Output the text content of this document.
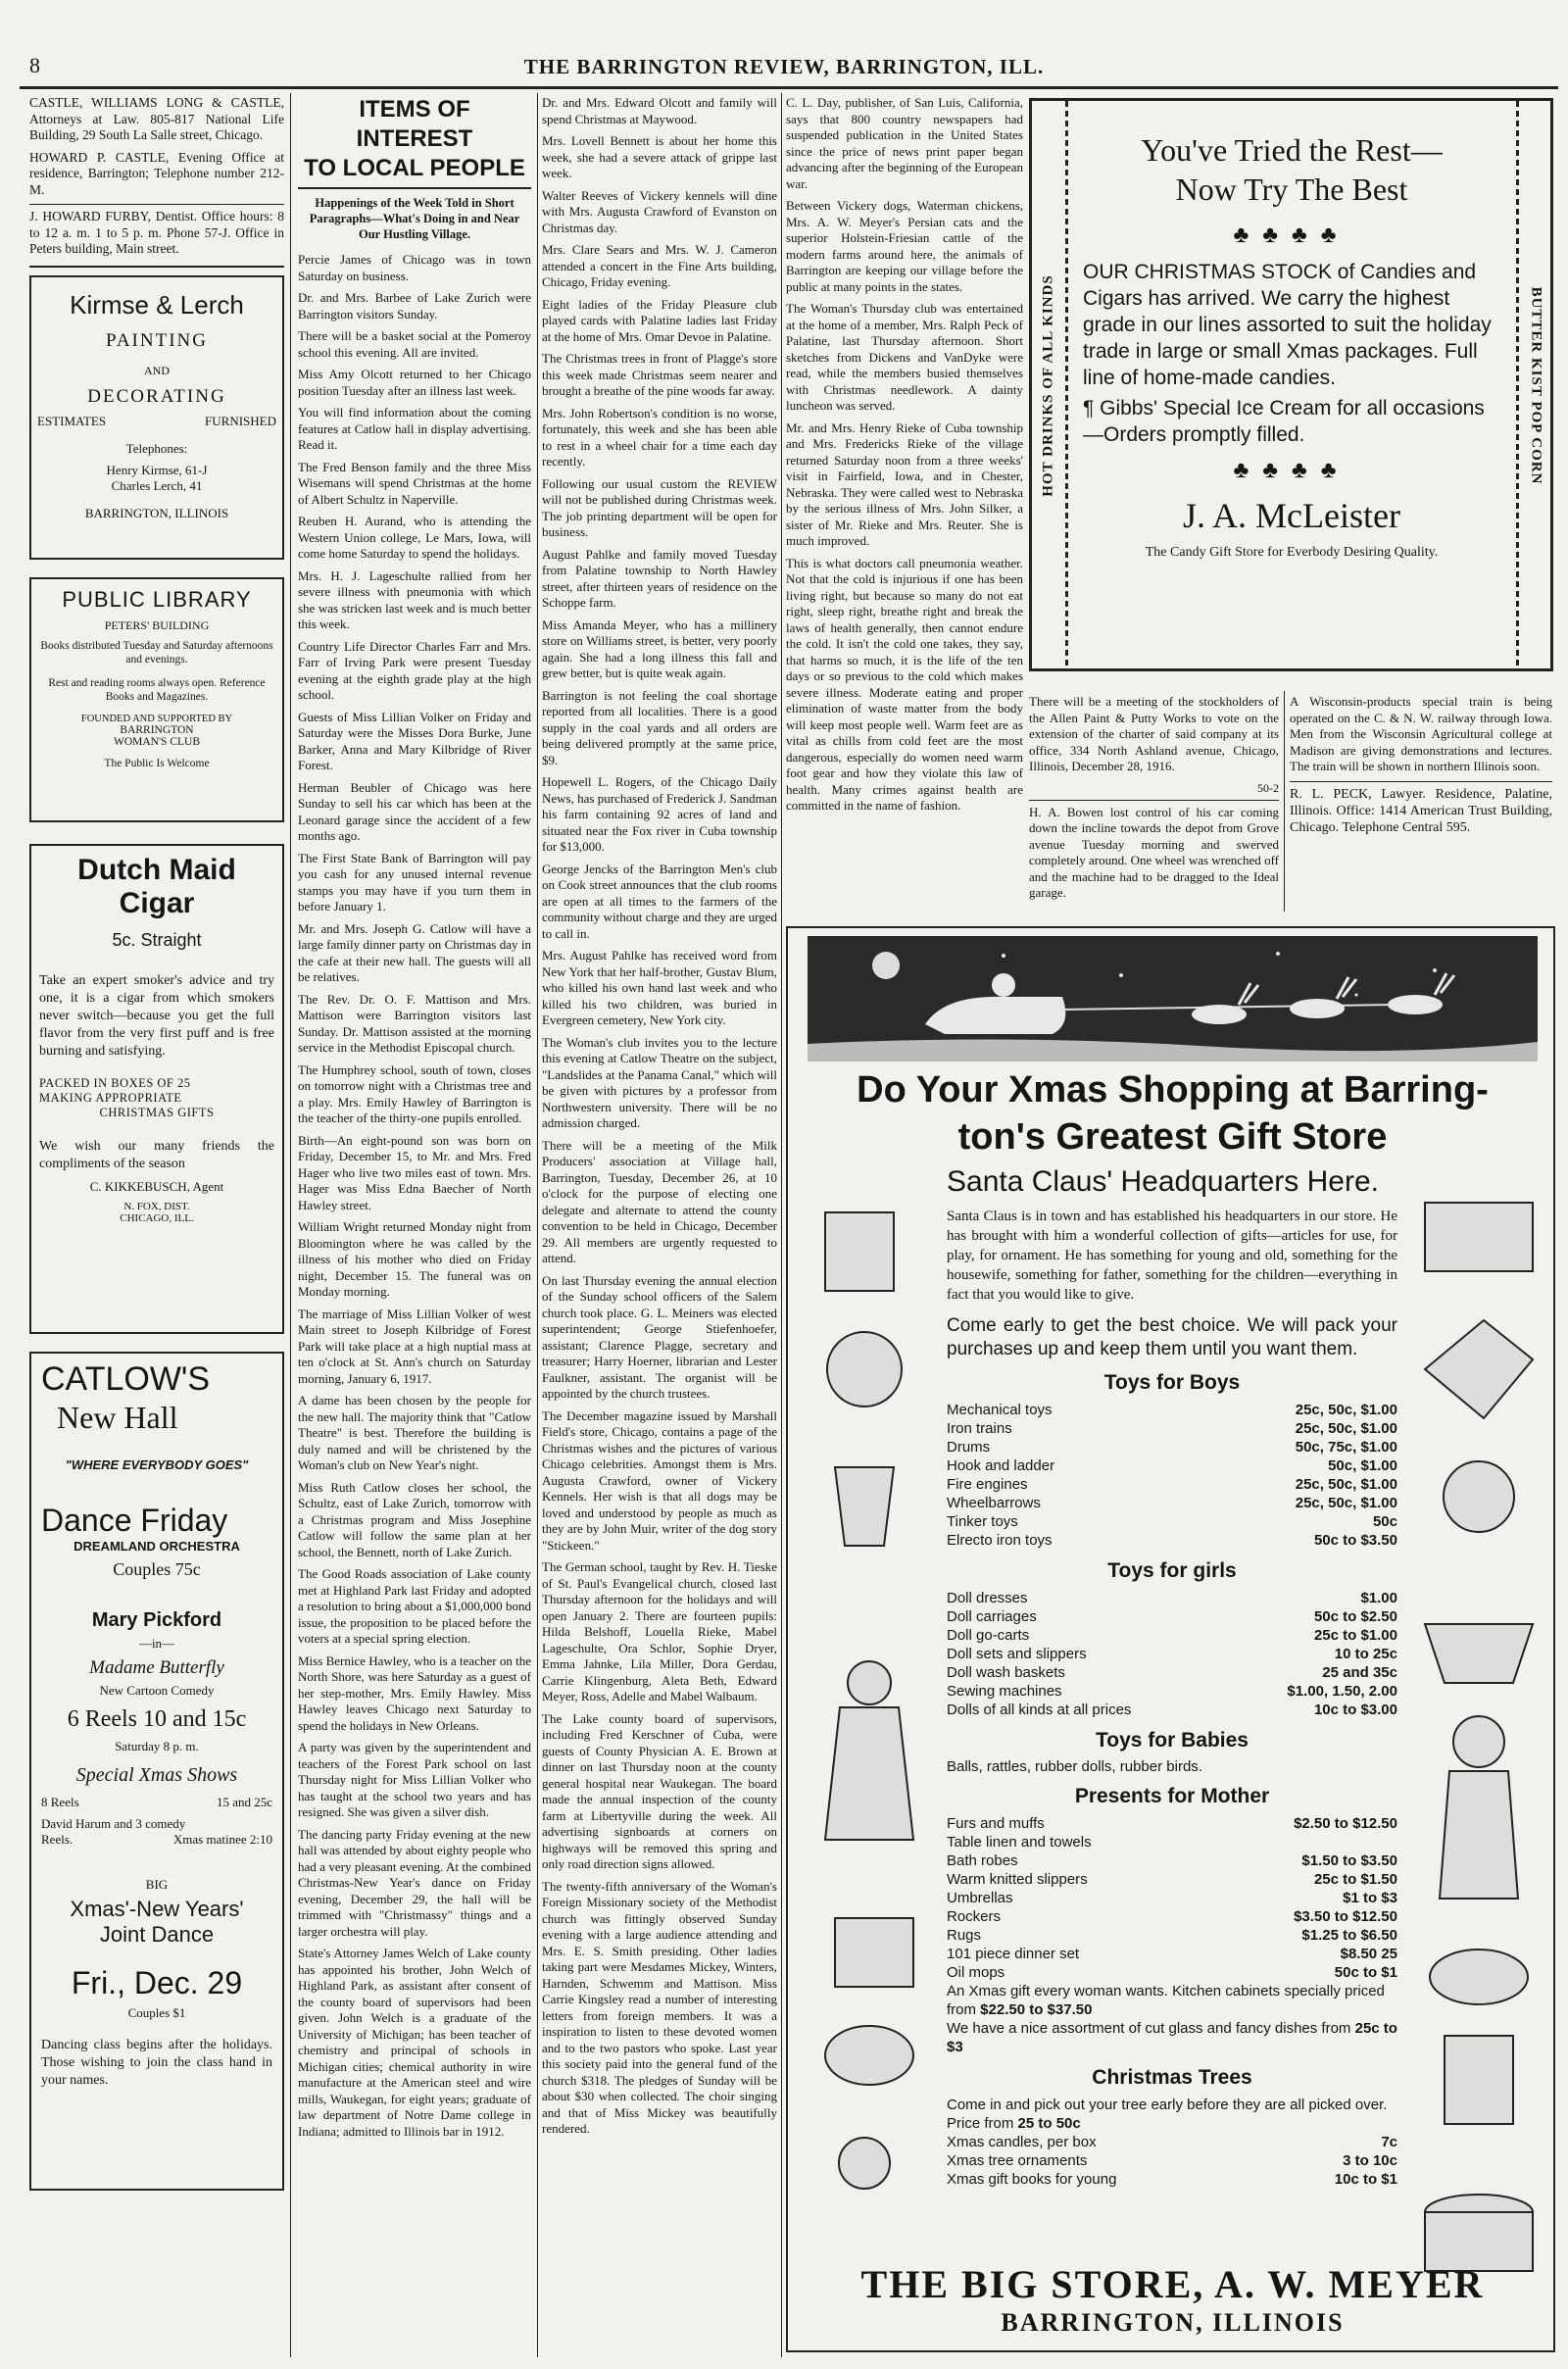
8	THE BARRINGTON REVIEW, BARRINGTON, ILL.

CASTLE, WILLIAMS LONG & CASTLE, Attorneys at Law. 805-817 National Life Building, 29 South La Salle street, Chicago.

HOWARD P. CASTLE, Evening Office at residence, Barrington; Telephone number 212-M.

J. HOWARD FURBY, Dentist. Office hours: 8 to 12 a. m. 1 to 5 p. m. Phone 57-J. Office in Peters building, Main street.

Kirmse & Lerch
PAINTING
AND
DECORATING
ESTIMATES	FURNISHED
Telephones:
Henry Kirmse, 61-J
Charles Lerch, 41
BARRINGTON, ILLINOIS
PUBLIC LIBRARY
PETERS' BUILDING
Books distributed Tuesday and Saturday afternoons and evenings.
Rest and reading rooms always open. Reference Books and Magazines.
FOUNDED AND SUPPORTED BY
BARRINGTON
WOMAN'S CLUB
The Public Is Welcome
Dutch Maid
Cigar
5c. Straight

Take an expert smoker's advice and try one, it is a cigar from which smokers never switch—because you get the full flavor from the very first puff and is free burning and satisfying.

PACKED IN BOXES OF 25
MAKING APPROPRIATE
CHRISTMAS GIFTS

We wish our many friends the compliments of the season

C. KIKKEBUSCH, Agent
N. FOX, DIST.
CHICAGO, ILL.
CATLOW'S
New Hall
"WHERE EVERYBODY GOES"
Dance Friday
DREAMLAND ORCHESTRA
Couples 75c
Mary Pickford
—in—
Madame Butterfly
New Cartoon Comedy
6 Reels 10 and 15c
Saturday 8 p. m.
Special Xmas Shows
8 Reels	15 and 25c
David Harum and 3 comedy
Reels.	Xmas matinee 2:10
BIG
Xmas'-New Years'
Joint Dance
Fri., Dec. 29
Couples $1

Dancing class begins after the holidays. Those wishing to join the class hand in your names.

ITEMS OF INTEREST
TO LOCAL PEOPLE
Happenings of the Week Told in Short Paragraphs—What's Doing in and Near Our Hustling Village.

Percie James of Chicago was in town Saturday on business.

Dr. and Mrs. Barbee of Lake Zurich were Barrington visitors Sunday.

There will be a basket social at the Pomeroy school this evening. All are invited.

Miss Amy Olcott returned to her Chicago position Tuesday after an illness last week.

You will find information about the coming features at Catlow hall in display advertising. Read it.

The Fred Benson family and the three Miss Wisemans will spend Christmas at the home of Albert Schultz in Naperville.

Reuben H. Aurand, who is attending the Western Union college, Le Mars, Iowa, will come home Saturday to spend the holidays.

Mrs. H. J. Lageschulte rallied from her severe illness with pneumonia with which she was stricken last week and is much better this week.

Country Life Director Charles Farr and Mrs. Farr of Irving Park were present Tuesday evening at the eighth grade play at the high school.

Guests of Miss Lillian Volker on Friday and Saturday were the Misses Dora Burke, June Barker, Anna and Mary Kilbridge of River Forest.

Herman Beubler of Chicago was here Sunday to sell his car which has been at the Leonard garage since the accident of a few months ago.

The First State Bank of Barrington will pay you cash for any unused internal revenue stamps you may have if you turn them in before January 1.

Mr. and Mrs. Joseph G. Catlow will have a large family dinner party on Christmas day in the cafe at their new hall. The guests will all be relatives.

The Rev. Dr. O. F. Mattison and Mrs. Mattison were Barrington visitors last Sunday. Dr. Mattison assisted at the morning service in the Methodist Episcopal church.

The Humphrey school, south of town, closes on tomorrow night with a Christmas tree and a play. Mrs. Emily Hawley of Barrington is the teacher of the thirty-one pupils enrolled.

Birth—An eight-pound son was born on Friday, December 15, to Mr. and Mrs. Fred Hager who live two miles east of town. Mrs. Hager was Miss Edna Baecher of North Hawley street.

William Wright returned Monday night from Bloomington where he was called by the illness of his mother who died on Friday night, December 15. The funeral was on Monday morning.

The marriage of Miss Lillian Volker of west Main street to Joseph Kilbridge of Forest Park will take place at a high nuptial mass at ten o'clock at St. Ann's church on Saturday morning, January 6, 1917.

A dame has been chosen by the people for the new hall. The majority think that "Catlow Theatre" is best. Therefore the building is duly named and will be christened by the Woman's club on New Year's night.

Miss Ruth Catlow closes her school, the Schultz, east of Lake Zurich, tomorrow with a Christmas program and Miss Josephine Catlow will follow the same plan at her school, the Bennett, north of Lake Zurich.

The Good Roads association of Lake county met at Highland Park last Friday and adopted a resolution to bring about a $1,000,000 bond issue, the proposition to be placed before the voters at a special spring election.

Miss Bernice Hawley, who is a teacher on the North Shore, was here Saturday as a guest of her step-mother, Mrs. Emily Hawley. Miss Hawley leaves Chicago next Saturday to spend the holidays in New Orleans.

A party was given by the superintendent and teachers of the Forest Park school on last Thursday night for Miss Lillian Volker who has taught at the school two years and has resigned. She was given a silver dish.

The dancing party Friday evening at the new hall was attended by about eighty people who had a very pleasant evening. At the combined Christmas-New Year's dance on Friday evening, December 29, the hall will be trimmed with "Christmassy" things and a larger orchestra will play.

State's Attorney James Welch of Lake county has appointed his brother, John Welch of Highland Park, as assistant after consent of the county board of supervisors had been given. John Welch is a graduate of the University of Michigan; has been teacher of chemistry and principal of schools in Michigan cities; chemical authority in wire manufacture at the American steel and wire mills, Waukegan, for eight years; graduate of law department of Notre Dame college in Indiana; admitted to Illinois bar in 1912.

Dr. and Mrs. Edward Olcott and family will spend Christmas at Maywood.

Mrs. Lovell Bennett is about her home this week, she had a severe attack of grippe last week.

Walter Reeves of Vickery kennels will dine with Mrs. Augusta Crawford of Evanston on Christmas day.

Mrs. Clare Sears and Mrs. W. J. Cameron attended a concert in the Fine Arts building, Chicago, Friday evening.

Eight ladies of the Friday Pleasure club played cards with Palatine ladies last Friday at the home of Mrs. Omar Devoe in Palatine.

The Christmas trees in front of Plagge's store this week made Christmas seem nearer and brought a breathe of the pine woods far away.

Mrs. John Robertson's condition is no worse, fortunately, this week and she has been able to rest in a wheel chair for a time each day recently.

Following our usual custom the REVIEW will not be published during Christmas week. The job printing department will be open for business.

August Pahlke and family moved Tuesday from Palatine township to North Hawley street, after thirteen years of residence on the Schoppe farm.

Miss Amanda Meyer, who has a millinery store on Williams street, is better, very poorly again. She had a long illness this fall and grew better, but is quite weak again.

Barrington is not feeling the coal shortage reported from all localities. There is a good supply in the coal yards and all orders are being delivered promptly at the same price, $9.

Hopewell L. Rogers, of the Chicago Daily News, has purchased of Frederick J. Sandman his farm containing 92 acres of land and situated near the Fox river in Cuba township for $13,000.

George Jencks of the Barrington Men's club on Cook street announces that the club rooms are open at all times to the farmers of the community without charge and they are urged to call in.

Mrs. August Pahlke has received word from New York that her half-brother, Gustav Blum, who killed his own hand last week and who killed his two children, was buried in Evergreen cemetery, New York city.

The Woman's club invites you to the lecture this evening at Catlow Theatre on the subject, "Landslides at the Panama Canal," which will be given with pictures by a professor from Northwestern university. There will be no admission charged.

There will be a meeting of the Milk Producers' association at Village hall, Barrington, Tuesday, December 26, at 10 o'clock for the purpose of electing one delegate and alternate to attend the county convention to be held in Chicago, December 29. All members are urgently requested to attend.

On last Thursday evening the annual election of the Sunday school officers of the Salem church took place. G. L. Meiners was elected superintendent; George Stiefenhoefer, assistant; Clarence Plagge, secretary and treasurer; Harry Hoerner, librarian and Lester Faulkner, assistant. The organist will be appointed by the church trustees.

The December magazine issued by Marshall Field's store, Chicago, contains a page of the Christmas wishes and the pictures of various Chicago celebrities. Amongst them is Mrs. Augusta Crawford, owner of Vickery Kennels. Her wish is that all dogs may be loved and understood by people as much as they are by John Muir, writer of the dog story "Stickeen."

The German school, taught by Rev. H. Tieske of St. Paul's Evangelical church, closed last Thursday afternoon for the holidays and will open January 2. There are fourteen pupils: Hilda Belshoff, Louella Rieke, Mabel Lageschulte, Ora Schlor, Sophie Dryer, Emma Jahnke, Lila Miller, Dora Gerdau, Carrie Klingenburg, Aleta Beth, Edward Meyer, Ross, Adelle and Mabel Walbaum.

The Lake county board of supervisors, including Fred Kerschner of Cuba, were guests of County Physician A. E. Brown at dinner on last Thursday noon at the county general hospital near Waukegan. The board made the annual inspection of the county farm at Libertyville during the week. All advertising signboards at corners on highways will be removed this spring and only road direction signs allowed.

The twenty-fifth anniversary of the Woman's Foreign Missionary society of the Methodist church was fittingly observed Sunday evening with a large audience attending and Mrs. E. S. Smith presiding. Other ladies taking part were Mesdames Mickey, Winters, Harnden, Schwemm and Mattison. Miss Carrie Kingsley read a number of interesting letters from foreign members. It was a inspiration to listen to these devoted women and to the two pastors who spoke. Last year this society paid into the general fund of the church $318. The pledges of Sunday will be about $30 when collected. The choir singing and that of Miss Mickey was beautifully rendered.

C. L. Day, publisher, of San Luis, California, says that 800 country newspapers had suspended publication in the United States since the price of news print paper began advancing after the beginning of the European war.

Between Vickery dogs, Waterman chickens, Mrs. A. W. Meyer's Persian cats and the superior Holstein-Friesian cattle of the modern farms around here, the animals of Barrington are keeping our village before the public at many points in the states.

The Woman's Thursday club was entertained at the home of a member, Mrs. Ralph Peck of Palatine, last Thursday afternoon. Short sketches from Dickens and VanDyke were read, while the members busied themselves with Christmas needlework. A dainty luncheon was served.

Mr. and Mrs. Henry Rieke of Cuba township and Mrs. Fredericks Rieke of the village returned Saturday noon from a three weeks' visit in Fairfield, Iowa, and in Chester, Nebraska. They were called west to Nebraska by the serious illness of Mrs. John Silker, a sister of Mr. Rieke and Mrs. Reuter. She is much improved.

This is what doctors call pneumonia weather. Not that the cold is injurious if one has been living right, but because so many do not eat right, sleep right, breathe right and break the laws of health generally, then cannot endure the cold. It isn't the cold one takes, they say, that harms so much, it is the life of the ten days or so previous to the cold which makes severe illness. Moderate eating and proper elimination of waste matter from the body will keep most people well. Warm feet are as vital as chills from cold feet are the most dangerous, especially do women need warm foot gear and how they violate this law of health. Many crimes against health are committed in the name of fashion.

HOT DRINKS OF ALL KINDS	BUTTER KIST POP CORN
You've Tried the Rest—
Now Try The Best
♣♣♣♣
OUR CHRISTMAS STOCK of Candies and Cigars has arrived. We carry the highest grade in our lines assorted to suit the holiday trade in large or small Xmas packages. Full line of home-made candies.
¶ Gibbs' Special Ice Cream for all occasions—Orders promptly filled.
♣♣♣♣
J. A. McLeister
The Candy Gift Store for Everbody Desiring Quality.

There will be a meeting of the stockholders of the Allen Paint & Putty Works to vote on the extension of the charter of said company at its office, 334 North Ashland avenue, Chicago, Illinois, December 28, 1916.

50-2

H. A. Bowen lost control of his car coming down the incline towards the depot from Grove avenue Tuesday morning and swerved completely around. One wheel was wrenched off and the machine had to be dragged to the Ideal garage.

A Wisconsin-products special train is being operated on the C. & N. W. railway through Iowa. Men from the Wisconsin Agricultural college at Madison are giving demonstrations and lectures. The train will be shown in northern Illinois soon.

R. L. PECK, Lawyer. Residence, Palatine, Illinois. Office: 1414 American Trust Building, Chicago. Telephone Central 595.

Do Your Xmas Shopping at Barring-
ton's Greatest Gift Store
Santa Claus' Headquarters Here.

Santa Claus is in town and has established his headquarters in our store. He has brought with him a wonderful collection of gifts—articles for use, for play, for ornament. He has something for young and old, something for the housewife, something for father, something for the children—everything in fact that you would like to give.

Come early to get the best choice. We will pack your purchases up and keep them until you want them.

Toys for Boys
Mechanical toys	25c, 50c, $1.00
Iron trains	25c, 50c, $1.00
Drums	50c, 75c, $1.00
Hook and ladder	50c, $1.00
Fire engines	25c, 50c, $1.00
Wheelbarrows	25c, 50c, $1.00
Tinker toys	50c
Elrecto iron toys	50c to $3.50
Toys for girls
Doll dresses	$1.00
Doll carriages	50c to $2.50
Doll go-carts	25c to $1.00
Doll sets and slippers	10 to 25c
Doll wash baskets	25 and 35c
Sewing machines	$1.00, 1.50, 2.00
Dolls of all kinds at all prices	10c to $3.00
Toys for Babies
Balls, rattles, rubber dolls, rubber birds.
Presents for Mother
Furs and muffs	$2.50 to $12.50
Table linen and towels
Bath robes	$1.50 to $3.50
Warm knitted slippers	25c to $1.50
Umbrellas	$1 to $3
Rockers	$3.50 to $12.50
Rugs	$1.25 to $6.50
101 piece dinner set	$8.50 25
Oil mops	50c to $1
An Xmas gift every woman wants. Kitchen cabinets specially priced from $22.50 to $37.50
We have a nice assortment of cut glass and fancy dishes from 25c to $3
Christmas Trees
Come in and pick out your tree early before they are all picked over. Price from 25 to 50c
Xmas candles, per box	7c
Xmas tree ornaments	3 to 10c
Xmas gift books for young	10c to $1
THE BIG STORE, A. W. MEYER
BARRINGTON, ILLINOIS
